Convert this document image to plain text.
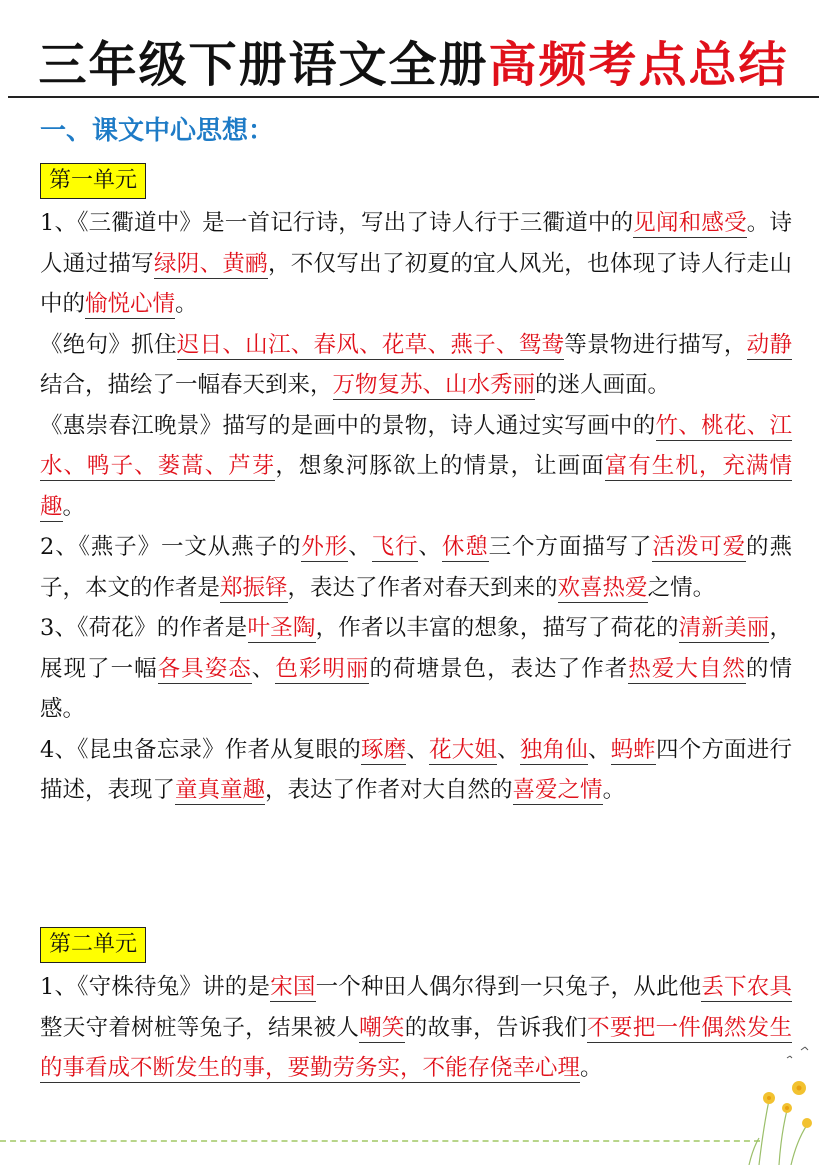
三年级下册语文全册高频考点总结
一、课文中心思想：
第一单元

1、《三衢道中》是一首记行诗，写出了诗人行于三衢道中的见闻和感受。诗人通过描写绿阴、黄鹂，不仅写出了初夏的宜人风光，也体现了诗人行走山中的愉悦心情。

《绝句》抓住迟日、山江、春风、花草、燕子、鸳鸯等景物进行描写，动静结合，描绘了一幅春天到来，万物复苏、山水秀丽的迷人画面。

《惠崇春江晚景》描写的是画中的景物，诗人通过实写画中的竹、桃花、江水、鸭子、蒌蒿、芦芽，想象河豚欲上的情景，让画面富有生机，充满情趣。

2、《燕子》一文从燕子的外形、飞行、休憩三个方面描写了活泼可爱的燕子，本文的作者是郑振铎，表达了作者对春天到来的欢喜热爱之情。

3、《荷花》的作者是叶圣陶，作者以丰富的想象，描写了荷花的清新美丽，展现了一幅各具姿态、色彩明丽的荷塘景色，表达了作者热爱大自然的情感。

4、《昆虫备忘录》作者从复眼的琢磨、花大姐、独角仙、蚂蚱四个方面进行描述，表现了童真童趣，表达了作者对大自然的喜爱之情。

第二单元

1、《守株待兔》讲的是宋国一个种田人偶尔得到一只兔子，从此他丢下农具整天守着树桩等兔子，结果被人嘲笑的故事，告诉我们不要把一件偶然发生的事看成不断发生的事，要勤劳务实，不能存侥幸心理。
